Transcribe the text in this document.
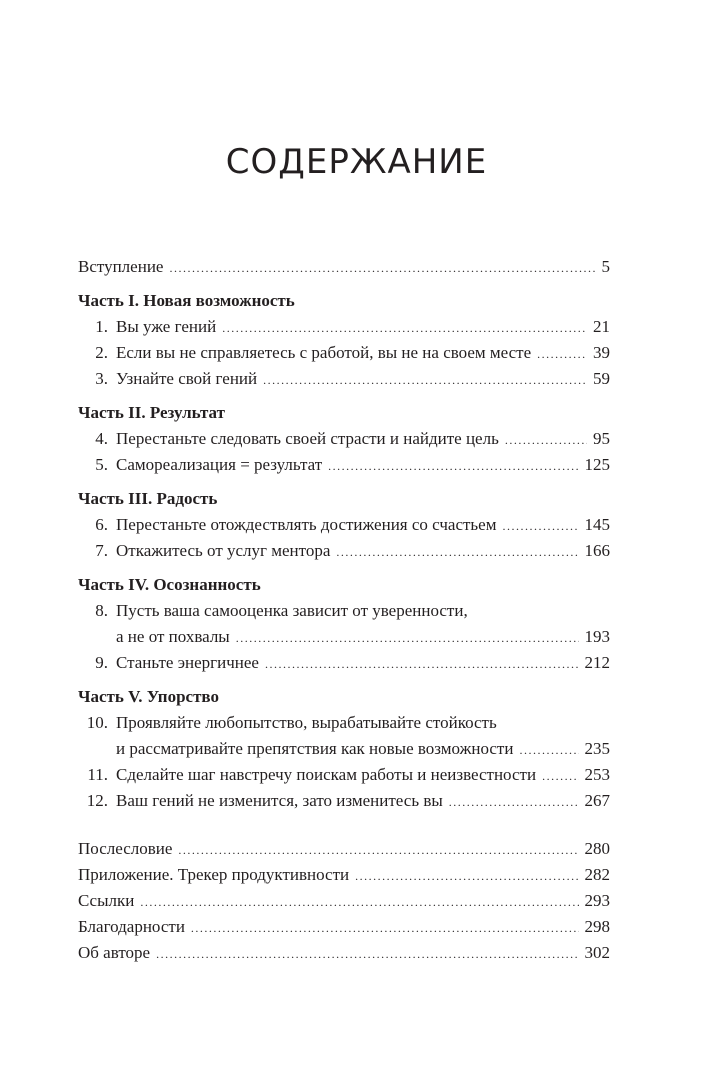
СОДЕРЖАНИЕ
Вступление .....	5
Часть I. Новая возможность
1. Вы уже гений .....	21
2. Если вы не справляетесь с работой, вы не на своем месте .....	39
3. Узнайте свой гений .....	59
Часть II. Результат
4. Перестаньте следовать своей страсти и найдите цель .....	95
5. Самореализация = результат .....	125
Часть III. Радость
6. Перестаньте отождествлять достижения со счастьем .....	145
7. Откажитесь от услуг ментора .....	166
Часть IV. Осознанность
8. Пусть ваша самооценка зависит от уверенности,
а не от похвалы .....	193
9. Станьте энергичнее .....	212
Часть V. Упорство
10. Проявляйте любопытство, вырабатывайте стойкость
и рассматривайте препятствия как новые возможности .....	235
11. Сделайте шаг навстречу поискам работы и неизвестности .....	253
12. Ваш гений не изменится, зато изменитесь вы .....	267
Послесловие .....	280
Приложение. Трекер продуктивности .....	282
Ссылки .....	293
Благодарности .....	298
Об авторе .....	302
